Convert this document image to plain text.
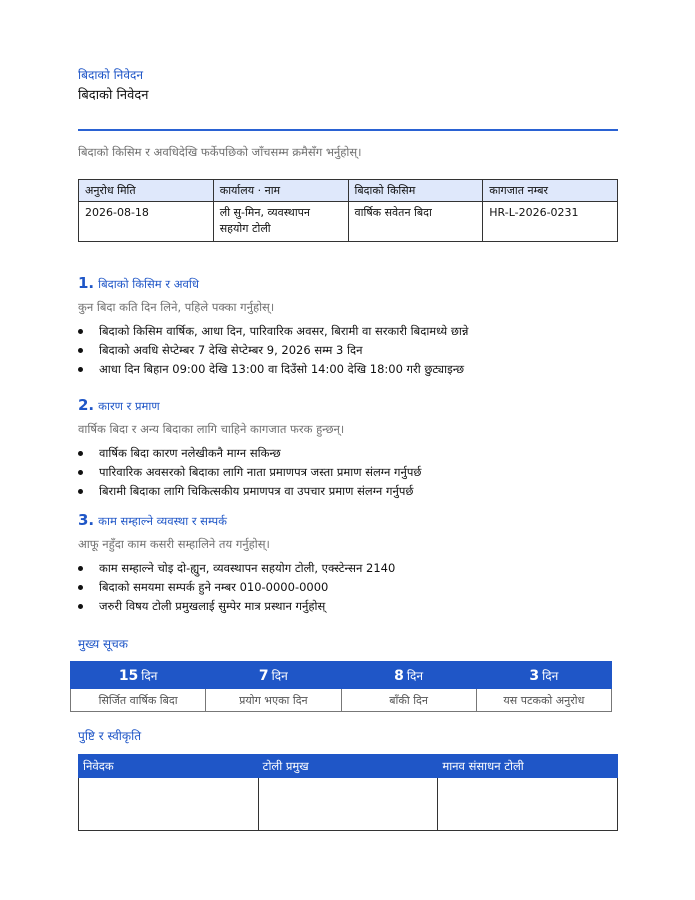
बिदाको निवेदन

बिदाको निवेदन

बिदाको किसिम र अवधिदेखि फर्केपछिको जाँचसम्म क्रमैसँग भर्नुहोस्।

अनुरोध मिति	कार्यालय · नाम	बिदाको किसिम	कागजात नम्बर
2026-08-18	ली सु-मिन, व्यवस्थापन सहयोग टोली	वार्षिक सवेतन बिदा	HR-L-2026-0231
1. बिदाको किसिम र अवधि

कुन बिदा कति दिन लिने, पहिले पक्का गर्नुहोस्।

बिदाको किसिम वार्षिक, आधा दिन, पारिवारिक अवसर, बिरामी वा सरकारी बिदामध्ये छान्ने
बिदाको अवधि सेप्टेम्बर 7 देखि सेप्टेम्बर 9, 2026 सम्म 3 दिन
आधा दिन बिहान 09:00 देखि 13:00 वा दिउँसो 14:00 देखि 18:00 गरी छुट्याइन्छ
2. कारण र प्रमाण

वार्षिक बिदा र अन्य बिदाका लागि चाहिने कागजात फरक हुन्छन्।

वार्षिक बिदा कारण नलेखीकनै माग्न सकिन्छ
पारिवारिक अवसरको बिदाका लागि नाता प्रमाणपत्र जस्ता प्रमाण संलग्न गर्नुपर्छ
बिरामी बिदाका लागि चिकित्सकीय प्रमाणपत्र वा उपचार प्रमाण संलग्न गर्नुपर्छ
3. काम सम्हाल्ने व्यवस्था र सम्पर्क

आफू नहुँदा काम कसरी सम्हालिने तय गर्नुहोस्।

काम सम्हाल्ने चोइ दो-ह्युन, व्यवस्थापन सहयोग टोली, एक्स्टेन्सन 2140
बिदाको समयमा सम्पर्क हुने नम्बर 010-0000-0000
जरुरी विषय टोली प्रमुखलाई सुम्पेर मात्र प्रस्थान गर्नुहोस्

मुख्य सूचक

15 दिन	7 दिन	8 दिन	3 दिन
सिर्जित वार्षिक बिदा	प्रयोग भएका दिन	बाँकी दिन	यस पटकको अनुरोध

पुष्टि र स्वीकृति

निवेदक	टोली प्रमुख	मानव संसाधन टोली
